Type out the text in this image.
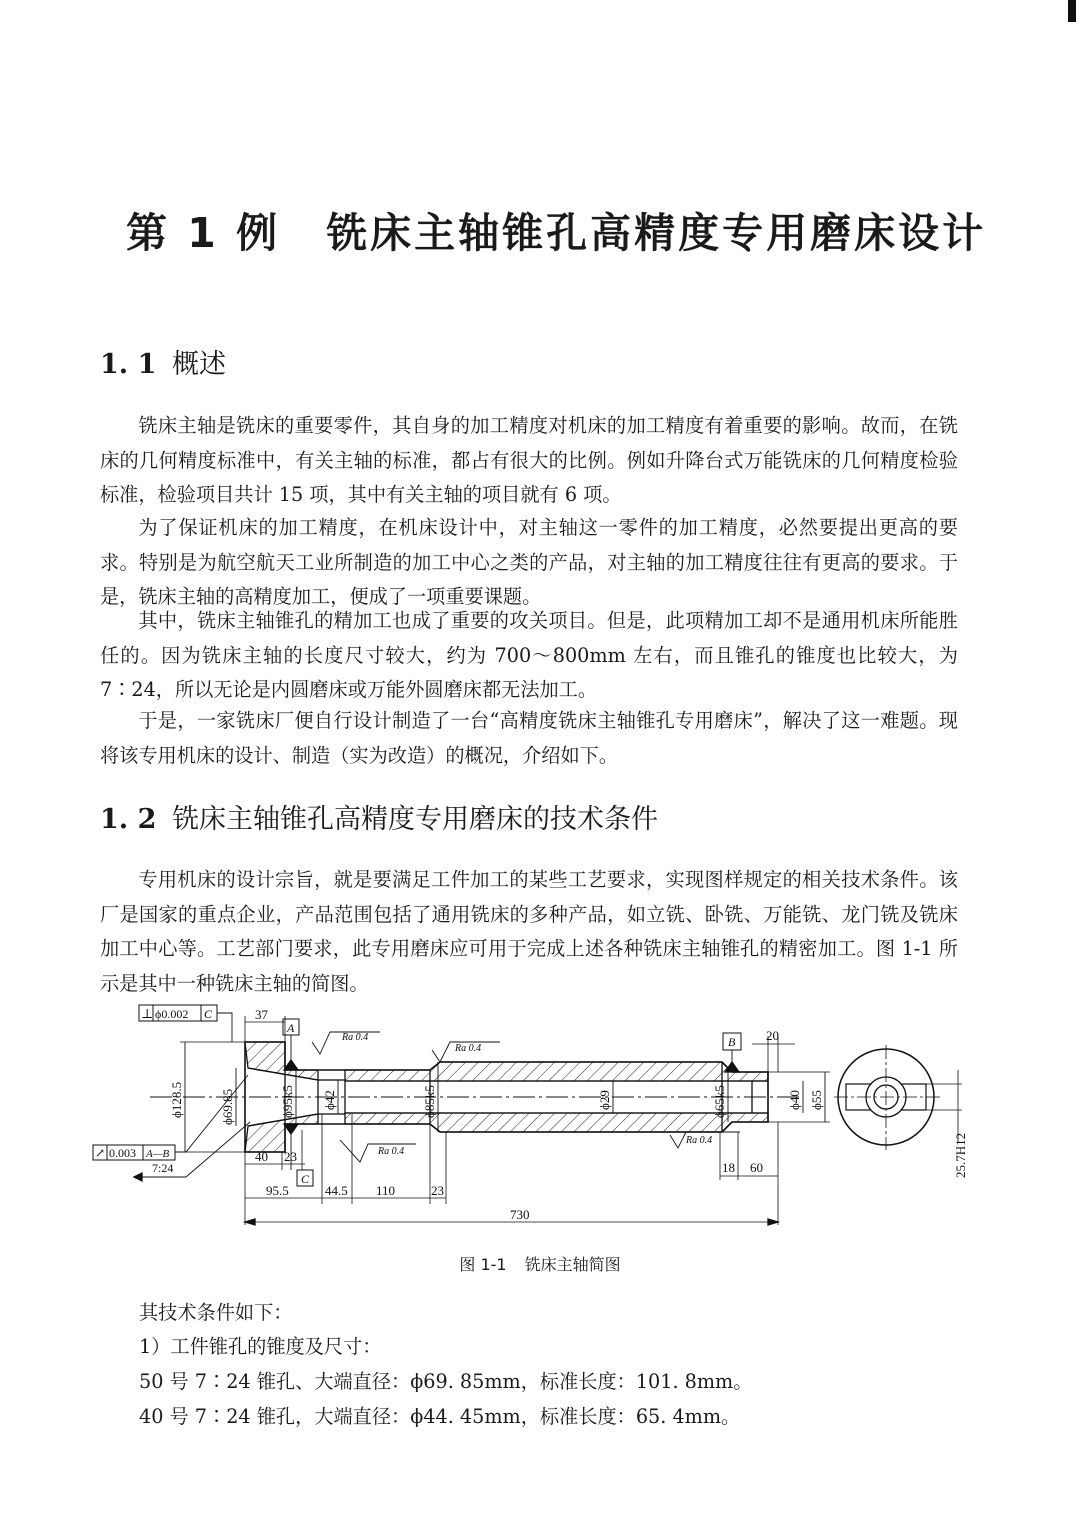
第 1 例 铣床主轴锥孔高精度专用磨床设计
1. 1 概述

铣床主轴是铣床的重要零件，其自身的加工精度对机床的加工精度有着重要的影响。故而，在铣床的几何精度标准中，有关主轴的标准，都占有很大的比例。例如升降台式万能铣床的几何精度检验标准，检验项目共计 15 项，其中有关主轴的项目就有 6 项。

为了保证机床的加工精度，在机床设计中，对主轴这一零件的加工精度，必然要提出更高的要求。特别是为航空航天工业所制造的加工中心之类的产品，对主轴的加工精度往往有更高的要求。于是，铣床主轴的高精度加工，便成了一项重要课题。

其中，铣床主轴锥孔的精加工也成了重要的攻关项目。但是，此项精加工却不是通用机床所能胜任的。因为铣床主轴的长度尺寸较大，约为 700～800mm 左右，而且锥孔的锥度也比较大，为 7∶24，所以无论是内圆磨床或万能外圆磨床都无法加工。

于是，一家铣床厂便自行设计制造了一台“高精度铣床主轴锥孔专用磨床”，解决了这一难题。现将该专用机床的设计、制造（实为改造）的概况，介绍如下。

1. 2 铣床主轴锥孔高精度专用磨床的技术条件

专用机床的设计宗旨，就是要满足工件加工的某些工艺要求，实现图样规定的相关技术条件。该厂是国家的重点企业，产品范围包括了通用铣床的多种产品，如立铣、卧铣、万能铣、龙门铣及铣床加工中心等。工艺部门要求，此专用磨床应可用于完成上述各种铣床主轴锥孔的精密加工。图 1-1 所示是其中一种铣床主轴的简图。

ϕ128.5	ϕ69.85	ϕ95k5 ϕ42	ϕ85k5	ϕ29	ϕ65k5	ϕ40 ϕ55
⊥ ϕ0.002 C	37
A
Ra 0.4
Ra 0.4
Ra 0.4
Ra 0.4
B 20
↗ 0.003 A—B
7:24
C
40 23
95.5	44.5 110	23
18 60
730
25.7H12
图 1-1 铣床主轴简图

其技术条件如下：

1）工件锥孔的锥度及尺寸：

50 号 7∶24 锥孔、大端直径：ϕ69. 85mm，标准长度：101. 8mm。

40 号 7∶24 锥孔，大端直径：ϕ44. 45mm，标准长度：65. 4mm。
